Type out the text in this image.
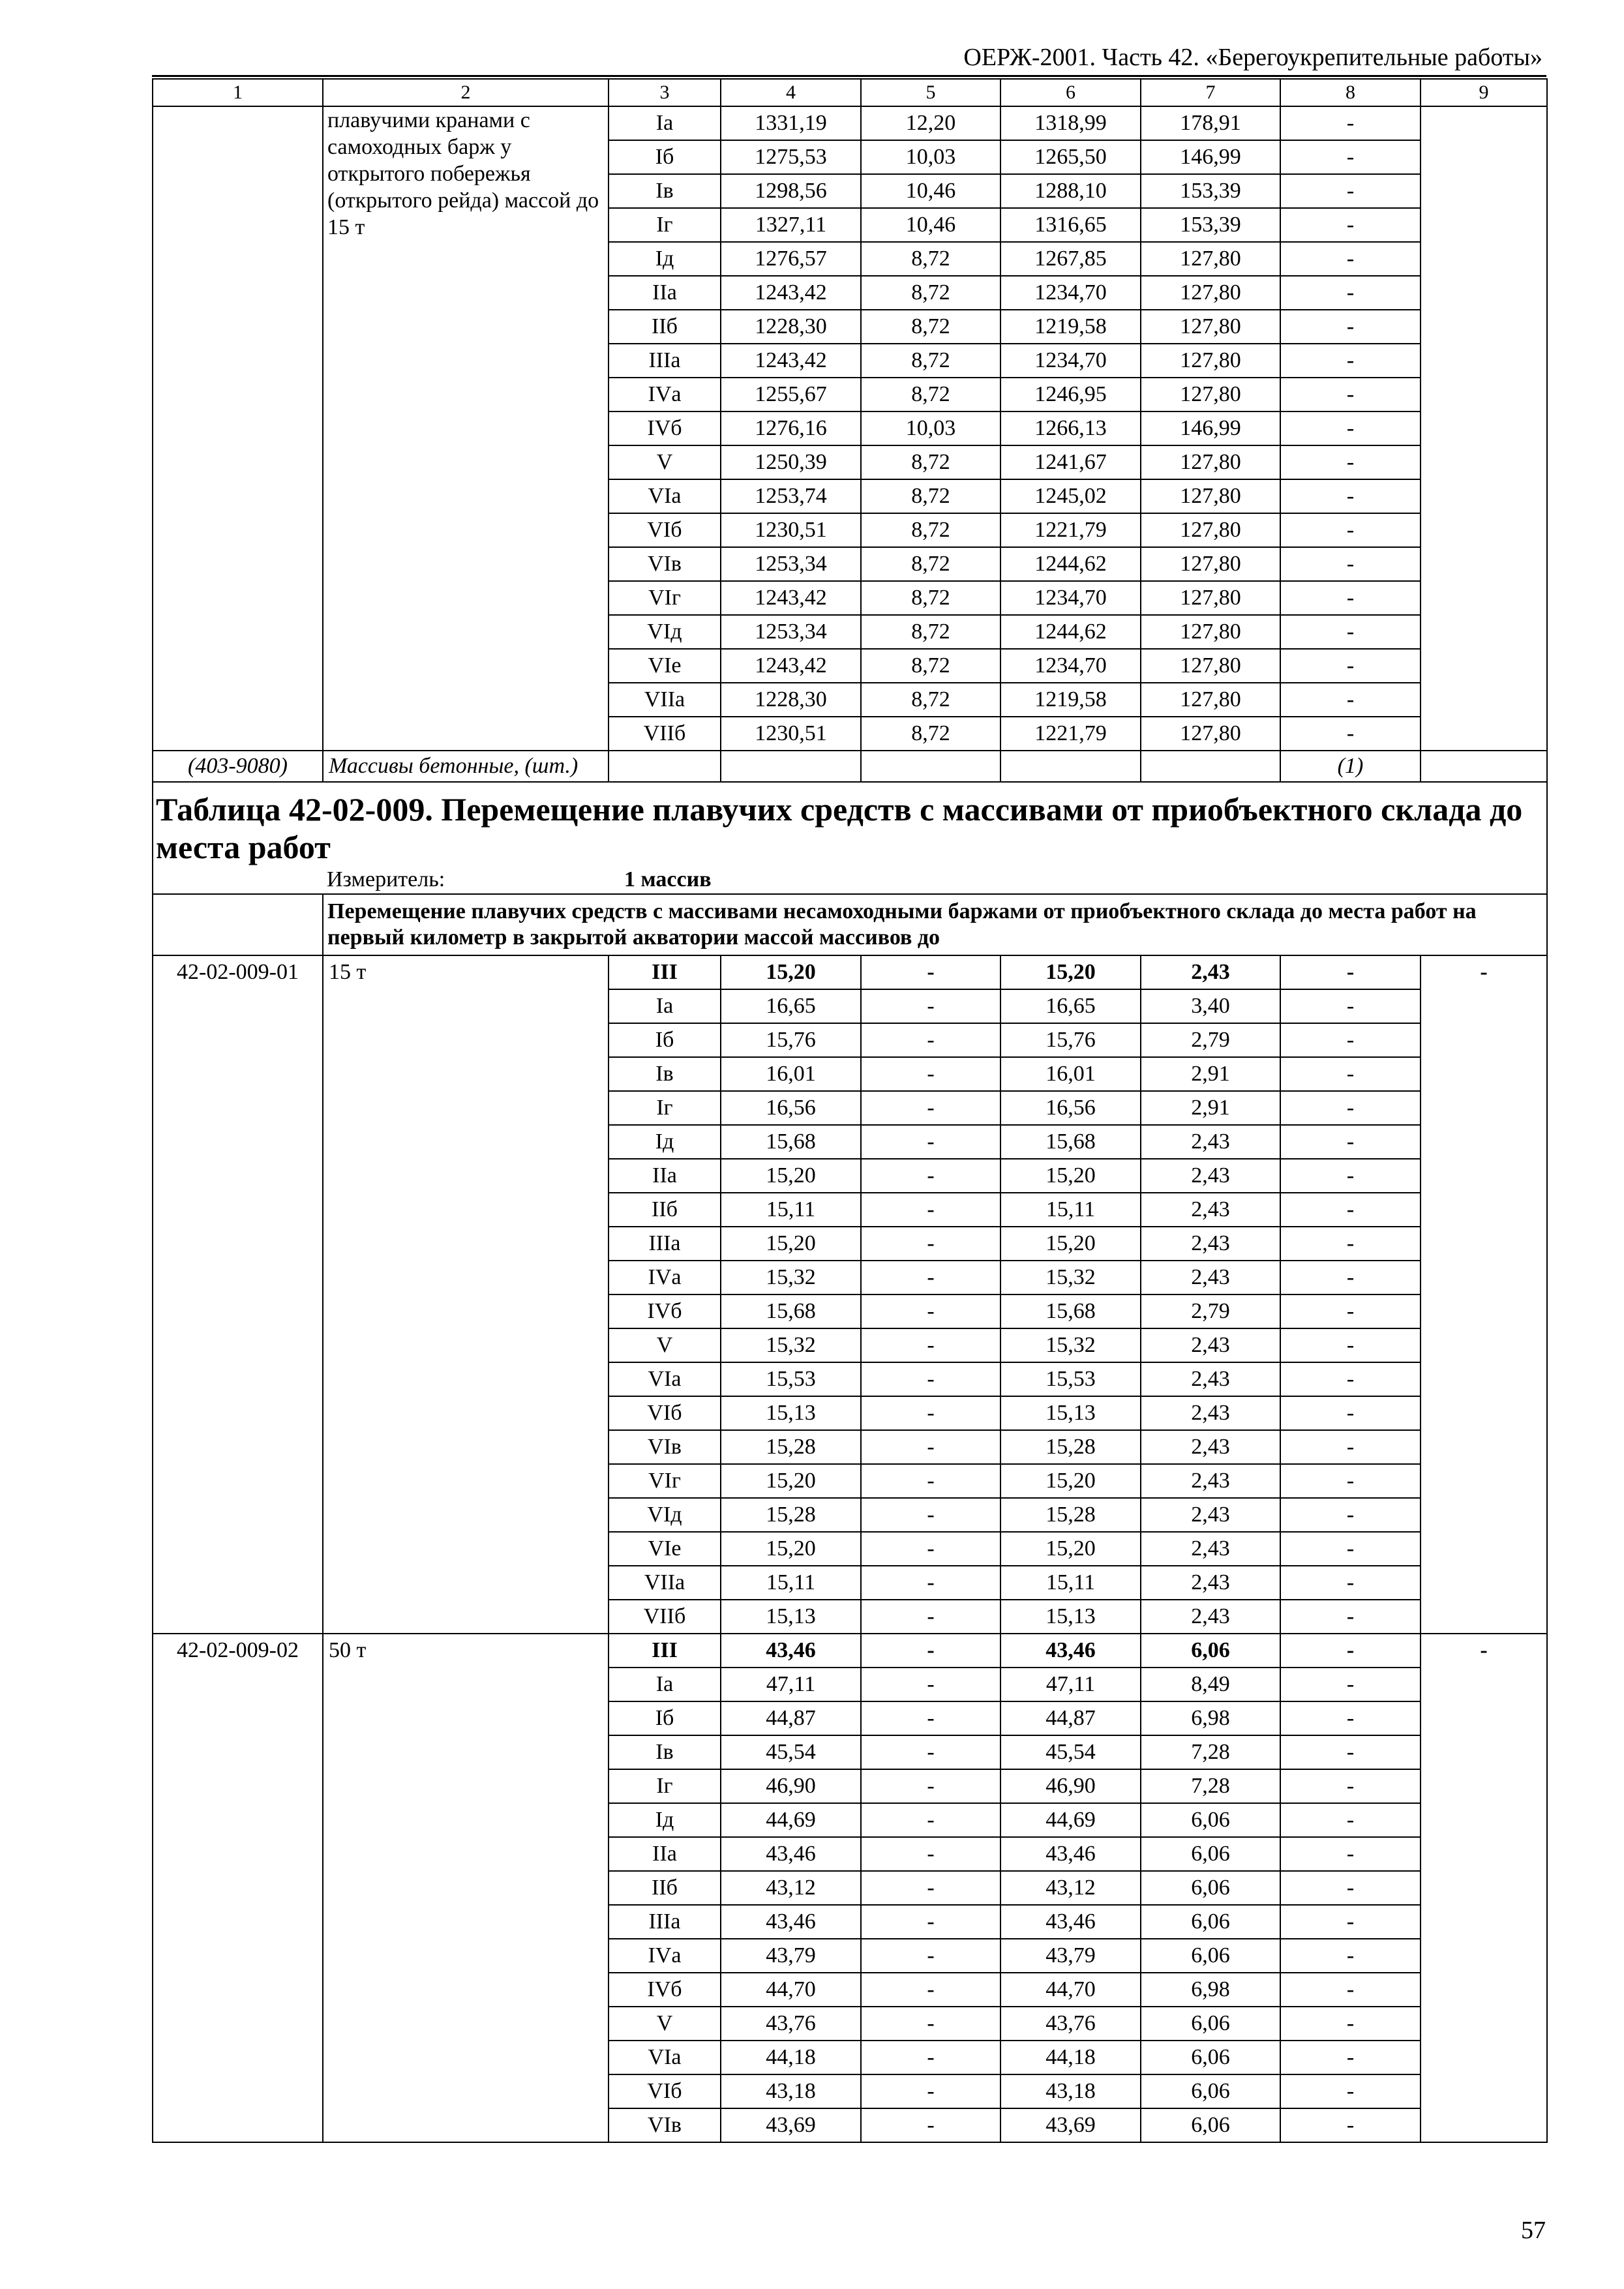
ОЕРЖ-2001. Часть 42. «Берегоукрепительные работы»
1	2	3	4	5	6	7	8	9
	плавучими кранами с самоходных барж у открытого побережья (открытого рейда) массой до 15 т	Iа	1331,19	12,20	1318,99	178,91	-	
		Iб	1275,53	10,03	1265,50	146,99	-	
		Iв	1298,56	10,46	1288,10	153,39	-	
		Iг	1327,11	10,46	1316,65	153,39	-	
		Iд	1276,57	8,72	1267,85	127,80	-	
		IIа	1243,42	8,72	1234,70	127,80	-	
		IIб	1228,30	8,72	1219,58	127,80	-	
		IIIа	1243,42	8,72	1234,70	127,80	-	
		IVа	1255,67	8,72	1246,95	127,80	-	
		IVб	1276,16	10,03	1266,13	146,99	-	
		V	1250,39	8,72	1241,67	127,80	-	
		VIа	1253,74	8,72	1245,02	127,80	-	
		VIб	1230,51	8,72	1221,79	127,80	-	
		VIв	1253,34	8,72	1244,62	127,80	-	
		VIг	1243,42	8,72	1234,70	127,80	-	
		VIд	1253,34	8,72	1244,62	127,80	-	
		VIе	1243,42	8,72	1234,70	127,80	-	
		VIIа	1228,30	8,72	1219,58	127,80	-	
		VIIб	1230,51	8,72	1221,79	127,80	-	
(403-9080)	Массивы бетонные, (шт.)						(1)	
Таблица 42-02-009. Перемещение плавучих средств с массивами от приобъектного склада до места работ								
	Измеритель:	1 массив						
	Перемещение плавучих средств с массивами несамоходными баржами от приобъектного склада до места работ на первый километр в закрытой акватории массой массивов до							
42-02-009-01	15 т	III	15,20	-	15,20	2,43	-	-
		Iа	16,65	-	16,65	3,40	-	
		Iб	15,76	-	15,76	2,79	-	
		Iв	16,01	-	16,01	2,91	-	
		Iг	16,56	-	16,56	2,91	-	
		Iд	15,68	-	15,68	2,43	-	
		IIа	15,20	-	15,20	2,43	-	
		IIб	15,11	-	15,11	2,43	-	
		IIIа	15,20	-	15,20	2,43	-	
		IVа	15,32	-	15,32	2,43	-	
		IVб	15,68	-	15,68	2,79	-	
		V	15,32	-	15,32	2,43	-	
		VIа	15,53	-	15,53	2,43	-	
		VIб	15,13	-	15,13	2,43	-	
		VIв	15,28	-	15,28	2,43	-	
		VIг	15,20	-	15,20	2,43	-	
		VIд	15,28	-	15,28	2,43	-	
		VIе	15,20	-	15,20	2,43	-	
		VIIа	15,11	-	15,11	2,43	-	
		VIIб	15,13	-	15,13	2,43	-	
42-02-009-02	50 т	III	43,46	-	43,46	6,06	-	-
		Iа	47,11	-	47,11	8,49	-	
		Iб	44,87	-	44,87	6,98	-	
		Iв	45,54	-	45,54	7,28	-	
		Iг	46,90	-	46,90	7,28	-	
		Iд	44,69	-	44,69	6,06	-	
		IIа	43,46	-	43,46	6,06	-	
		IIб	43,12	-	43,12	6,06	-	
		IIIа	43,46	-	43,46	6,06	-	
		IVа	43,79	-	43,79	6,06	-	
		IVб	44,70	-	44,70	6,98	-	
		V	43,76	-	43,76	6,06	-	
		VIа	44,18	-	44,18	6,06	-	
		VIб	43,18	-	43,18	6,06	-	
		VIв	43,69	-	43,69	6,06	-	
57
